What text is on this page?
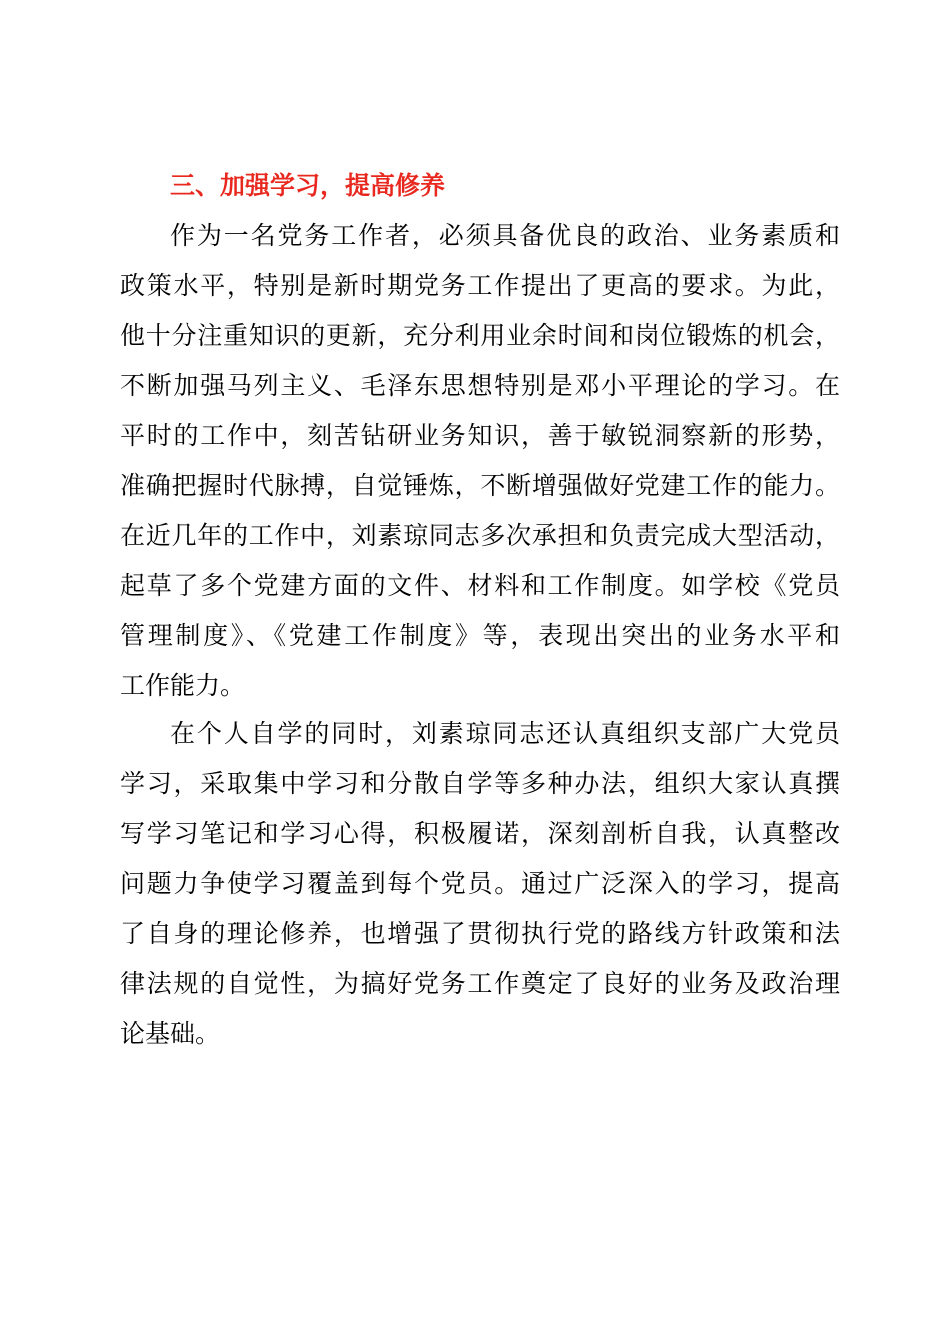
三、加强学习，提高修养
作为一名党务工作者，必须具备优良的政治、业务素质和
政策水平，特别是新时期党务工作提出了更高的要求。为此，
他十分注重知识的更新，充分利用业余时间和岗位锻炼的机会，
不断加强马列主义、毛泽东思想特别是邓小平理论的学习。在
平时的工作中，刻苦钻研业务知识，善于敏锐洞察新的形势，
准确把握时代脉搏，自觉锤炼，不断增强做好党建工作的能力。
在近几年的工作中，刘素琼同志多次承担和负责完成大型活动，
起草了多个党建方面的文件、材料和工作制度。如学校《党员
管理制度》、《党建工作制度》等，表现出突出的业务水平和
工作能力。
在个人自学的同时，刘素琼同志还认真组织支部广大党员
学习，采取集中学习和分散自学等多种办法，组织大家认真撰
写学习笔记和学习心得，积极履诺，深刻剖析自我，认真整改
问题力争使学习覆盖到每个党员。通过广泛深入的学习，提高
了自身的理论修养，也增强了贯彻执行党的路线方针政策和法
律法规的自觉性，为搞好党务工作奠定了良好的业务及政治理
论基础。
